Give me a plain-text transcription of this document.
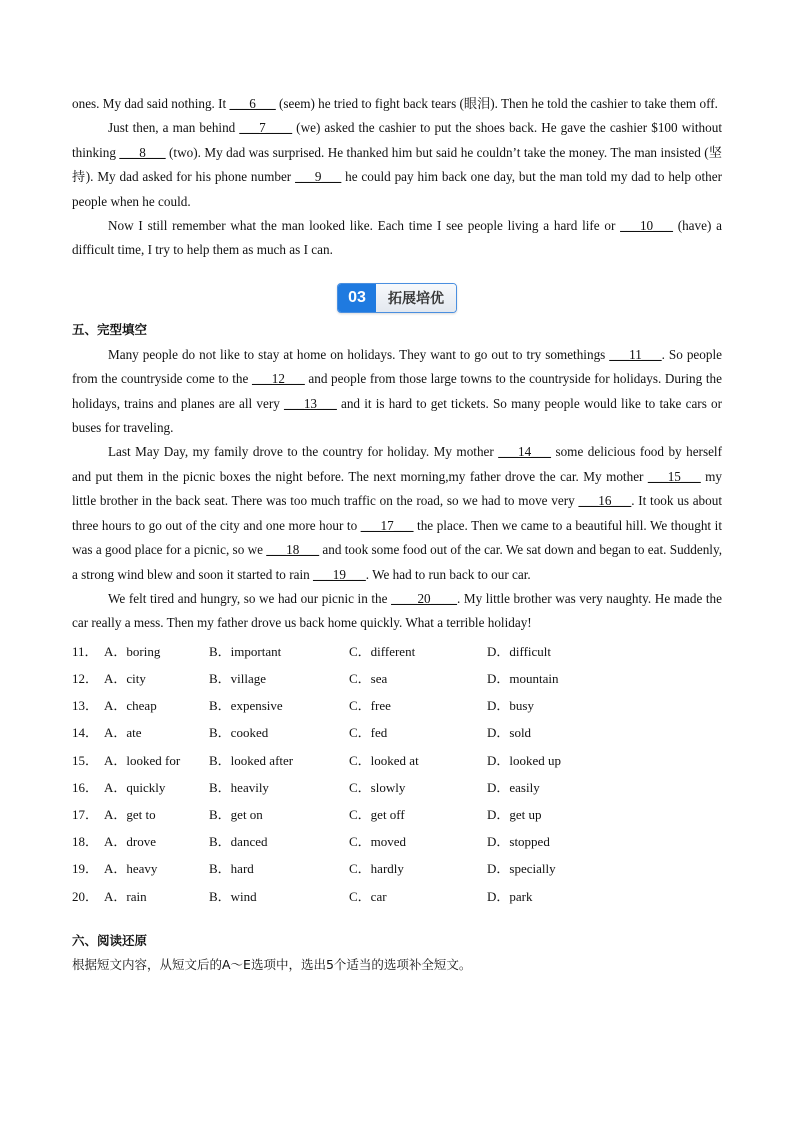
ones. My dad said nothing. It ___6___ (seem) he tried to fight back tears (眼泪). Then he told the cashier to take them off.

Just then, a man behind ___7____ (we) asked the cashier to put the shoes back. He gave the cashier $100 without thinking ___8___ (two). My dad was surprised. He thanked him but said he couldn’t take the money. The man insisted (坚持). My dad asked for his phone number ___9___ he could pay him back one day, but the man told my dad to help other people when he could.

Now I still remember what the man looked like. Each time I see people living a hard life or ___10___ (have) a difficult time, I try to help them as much as I can.

03	拓展培优
五、完型填空

Many people do not like to stay at home on holidays. They want to go out to try somethings ___11___. So people from the countryside come to the ___12___ and people from those large towns to the countryside for holidays. During the holidays, trains and planes are all very ___13___ and it is hard to get tickets. So many people would like to take cars or buses for traveling.

Last May Day, my family drove to the country for holiday. My mother ___14___ some delicious food by herself and put them in the picnic boxes the night before. The next morning,my father drove the car. My mother ___15___ my little brother in the back seat. There was too much traffic on the road, so we had to move very ___16___. It took us about three hours to go out of the city and one more hour to ___17___ the place. Then we came to a beautiful hill. We thought it was a good place for a picnic, so we ___18___ and took some food out of the car. We sat down and began to eat. Suddenly, a strong wind blew and soon it started to rain ___19___. We had to run back to our car.

We felt tired and hungry, so we had our picnic in the ____20____. My little brother was very naughty. He made the car really a mess. Then my father drove us back home quickly. What a terrible holiday!

11． A．boring	B．important	C．different	D．difficult
12． A．city	B．village	C．sea	D．mountain
13． A．cheap	B．expensive	C．free	D．busy
14． A．ate	B．cooked	C．fed	D．sold
15． A．looked for	B．looked after	C．looked at	D．looked up
16． A．quickly	B．heavily	C．slowly	D．easily
17． A．get to	B．get on	C．get off	D．get up
18． A．drove	B．danced	C．moved	D．stopped
19． A．heavy	B．hard	C．hardly	D．specially
20． A．rain	B．wind	C．car	D．park
六、阅读还原

根据短文内容，从短文后的A～E选项中，选出5个适当的选项补全短文。
